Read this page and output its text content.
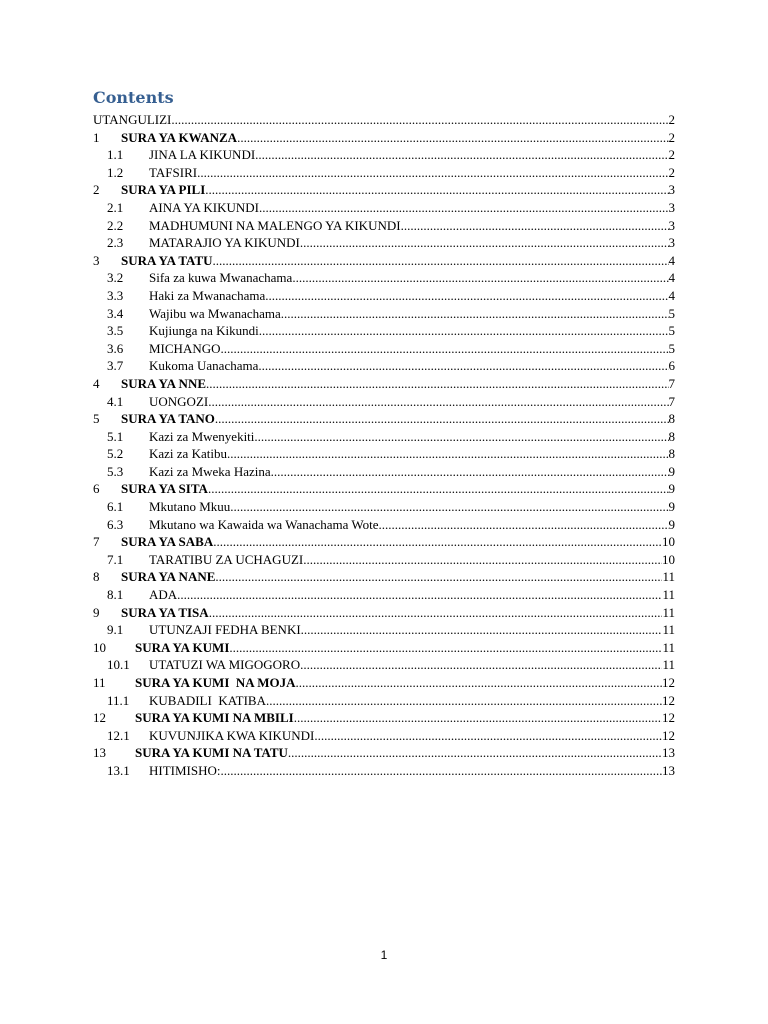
Contents
UTANGULIZI .....	2
1	SURA YA KWANZA .....	2
1.1	JINA LA KIKUNDI .....	2
1.2	TAFSIRI .....	2
2	SURA YA PILI .....	3
2.1	AINA YA KIKUNDI .....	3
2.2	MADHUMUNI NA MALENGO YA KIKUNDI .....	3
2.3	MATARAJIO YA KIKUNDI .....	3
3	SURA YA TATU .....	4
3.2	Sifa za kuwa Mwanachama .....	4
3.3	Haki za Mwanachama .....	4
3.4	Wajibu wa Mwanachama .....	5
3.5	Kujiunga na Kikundi .....	5
3.6	MICHANGO .....	5
3.7	Kukoma Uanachama .....	6
4	SURA YA NNE .....	7
4.1	UONGOZI .....	7
5	SURA YA TANO .....	8
5.1	Kazi za Mwenyekiti .....	8
5.2	Kazi za Katibu .....	8
5.3	Kazi za Mweka Hazina .....	9
6	SURA YA SITA .....	9
6.1	Mkutano Mkuu .....	9
6.3	Mkutano wa Kawaida wa Wanachama Wote .....	9
7	SURA YA SABA .....	10
7.1	TARATIBU ZA UCHAGUZI .....	10
8	SURA YA NANE .....	11
8.1	ADA .....	11
9	SURA YA TISA .....	11
9.1	UTUNZAJI FEDHA BENKI .....	11
10	SURA YA KUMI .....	11
10.1	UTATUZI WA MIGOGORO .....	11
11	SURA YA KUMI  NA MOJA .....	12
11.1	KUBADILI  KATIBA .....	12
12	SURA YA KUMI NA MBILI .....	12
12.1	KUVUNJIKA KWA KIKUNDI .....	12
13	SURA YA KUMI NA TATU .....	13
13.1	HITIMISHO: .....	13
1
